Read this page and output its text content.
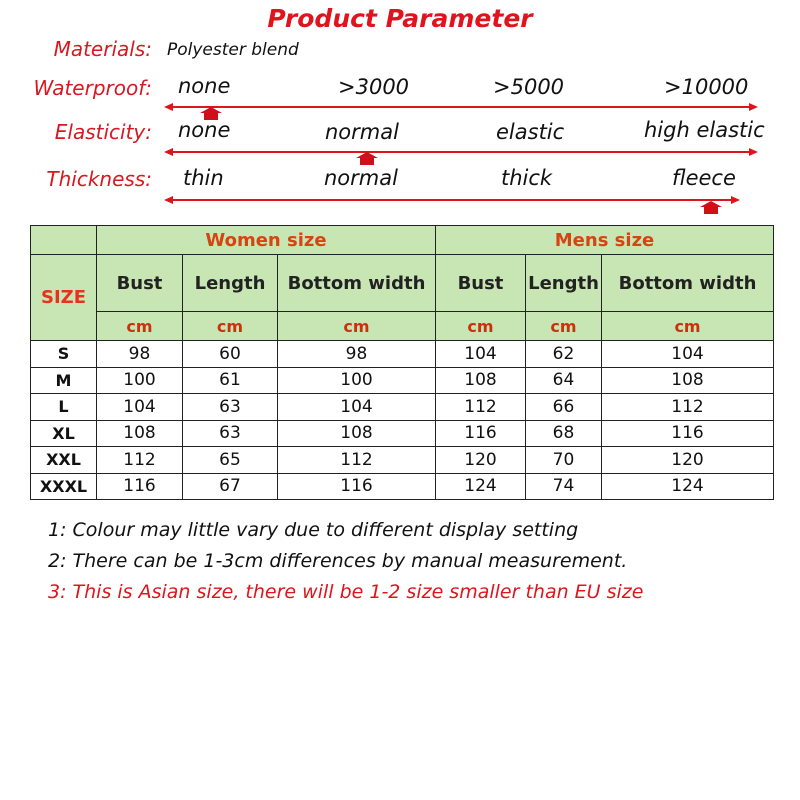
Product Parameter
Materials: Polyester blend
Waterproof: none	>3000	>5000	>10000
Elasticity: none	normal	elastic	high elastic
Thickness: thin	normal	thick	fleece
	Women size			Mens size		
SIZE	Bust	Length	Bottom width	Bust	Length	Bottom width
	cm	cm	cm	cm	cm	cm
S	98	60	98	104	62	104
M	100	61	100	108	64	108
L	104	63	104	112	66	112
XL	108	63	108	116	68	116
XXL	112	65	112	120	70	120
XXXL	116	67	116	124	74	124
1: Colour may little vary due to different display setting
2: There can be 1-3cm differences by manual measurement.
3: This is Asian size, there will be 1-2 size smaller than EU size
